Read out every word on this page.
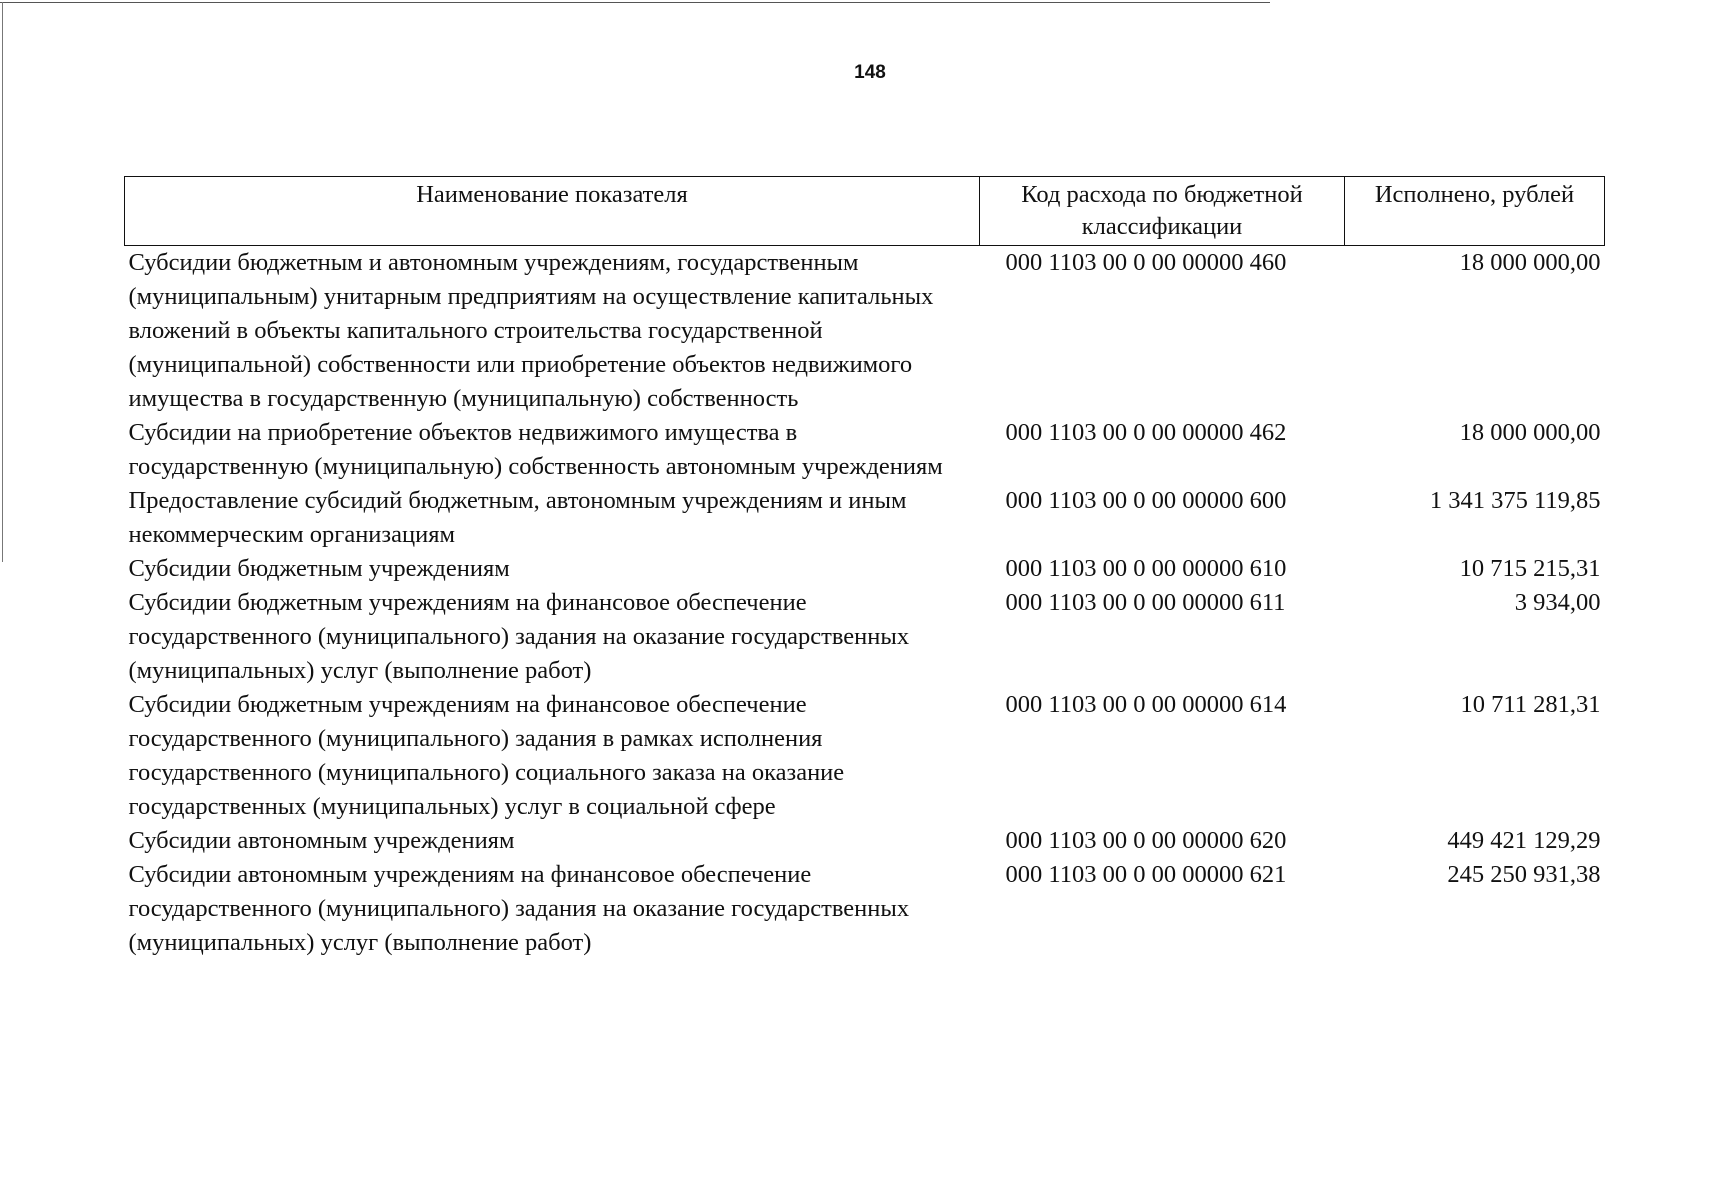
148
Наименование показателя	Код расхода по бюджетной классификации	Исполнено, рублей
Субсидии бюджетным и автономным учреждениям, государственным (муниципальным) унитарным предприятиям на осуществление капитальных вложений в объекты капитального строительства государственной (муниципальной) собственности или приобретение объектов недвижимого имущества в государственную (муниципальную) собственность	000 1103 00 0 00 00000 460	18 000 000,00
Субсидии на приобретение объектов недвижимого имущества в государственную (муниципальную) собственность автономным учреждениям	000 1103 00 0 00 00000 462	18 000 000,00
Предоставление субсидий бюджетным, автономным учреждениям и иным некоммерческим организациям	000 1103 00 0 00 00000 600	1 341 375 119,85
Субсидии бюджетным учреждениям	000 1103 00 0 00 00000 610	10 715 215,31
Субсидии бюджетным учреждениям на финансовое обеспечение государственного (муниципального) задания на оказание государственных (муниципальных) услуг (выполнение работ)	000 1103 00 0 00 00000 611	3 934,00
Субсидии бюджетным учреждениям на финансовое обеспечение государственного (муниципального) задания в рамках исполнения государственного (муниципального) социального заказа на оказание государственных (муниципальных) услуг в социальной сфере	000 1103 00 0 00 00000 614	10 711 281,31
Субсидии автономным учреждениям	000 1103 00 0 00 00000 620	449 421 129,29
Субсидии автономным учреждениям на финансовое обеспечение государственного (муниципального) задания на оказание государственных (муниципальных) услуг (выполнение работ)	000 1103 00 0 00 00000 621	245 250 931,38
